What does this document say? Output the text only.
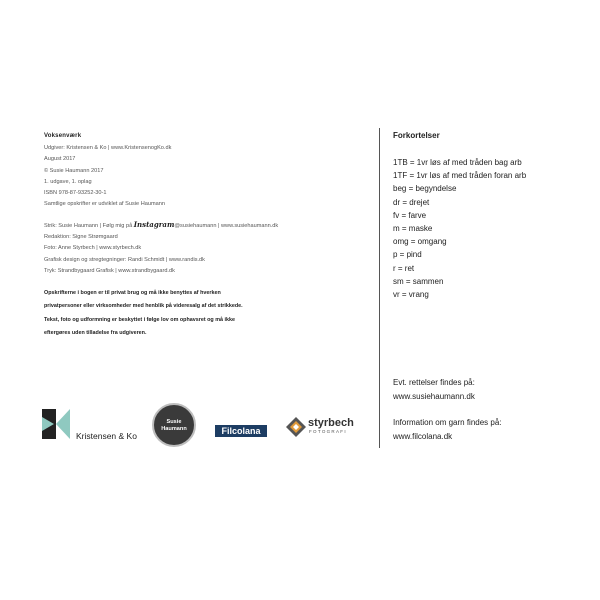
Voksenværk
Udgiver: Kristensen & Ko | www.KristensenogKo.dk
August 2017
© Susie Haumann 2017
1. udgave, 1. oplag
ISBN 978-87-93252-30-1
Samtlige opskrifter er udviklet af Susie Haumann
Strik: Susie Haumann | Følg mig på Instagram@susiehaumann | www.susiehaumann.dk
Redaktion: Signe Strømgaard
Foto: Anne Styrbech | www.styrbech.dk
Grafisk design og stregtegninger: Randi Schmidt | www.randis.dk
Tryk: Strandbygaard Grafisk | www.strandbygaard.dk
Opskrifterne i bogen er til privat brug og må ikke benyttes af hverken
privatpersoner eller virksomheder med henblik på videresalg af det strikkede.
Tekst, foto og udformning er beskyttet i følge lov om ophavsret og må ikke
eftergøres uden tilladelse fra udgiveren.
Forkortelser
1TB = 1vr løs af med tråden bag arb
1TF = 1vr løs af med tråden foran arb
beg = begyndelse
dr = drejet
fv = farve
m = maske
omg = omgang
p = pind
r = ret
sm = sammen
vr = vrang
Evt. rettelser findes på:
www.susiehaumann.dk
Information om garn findes på:
www.filcolana.dk
Kristensen & Ko
Susie
Haumann	Filcolana
styrbech
FOTOGRAFI
